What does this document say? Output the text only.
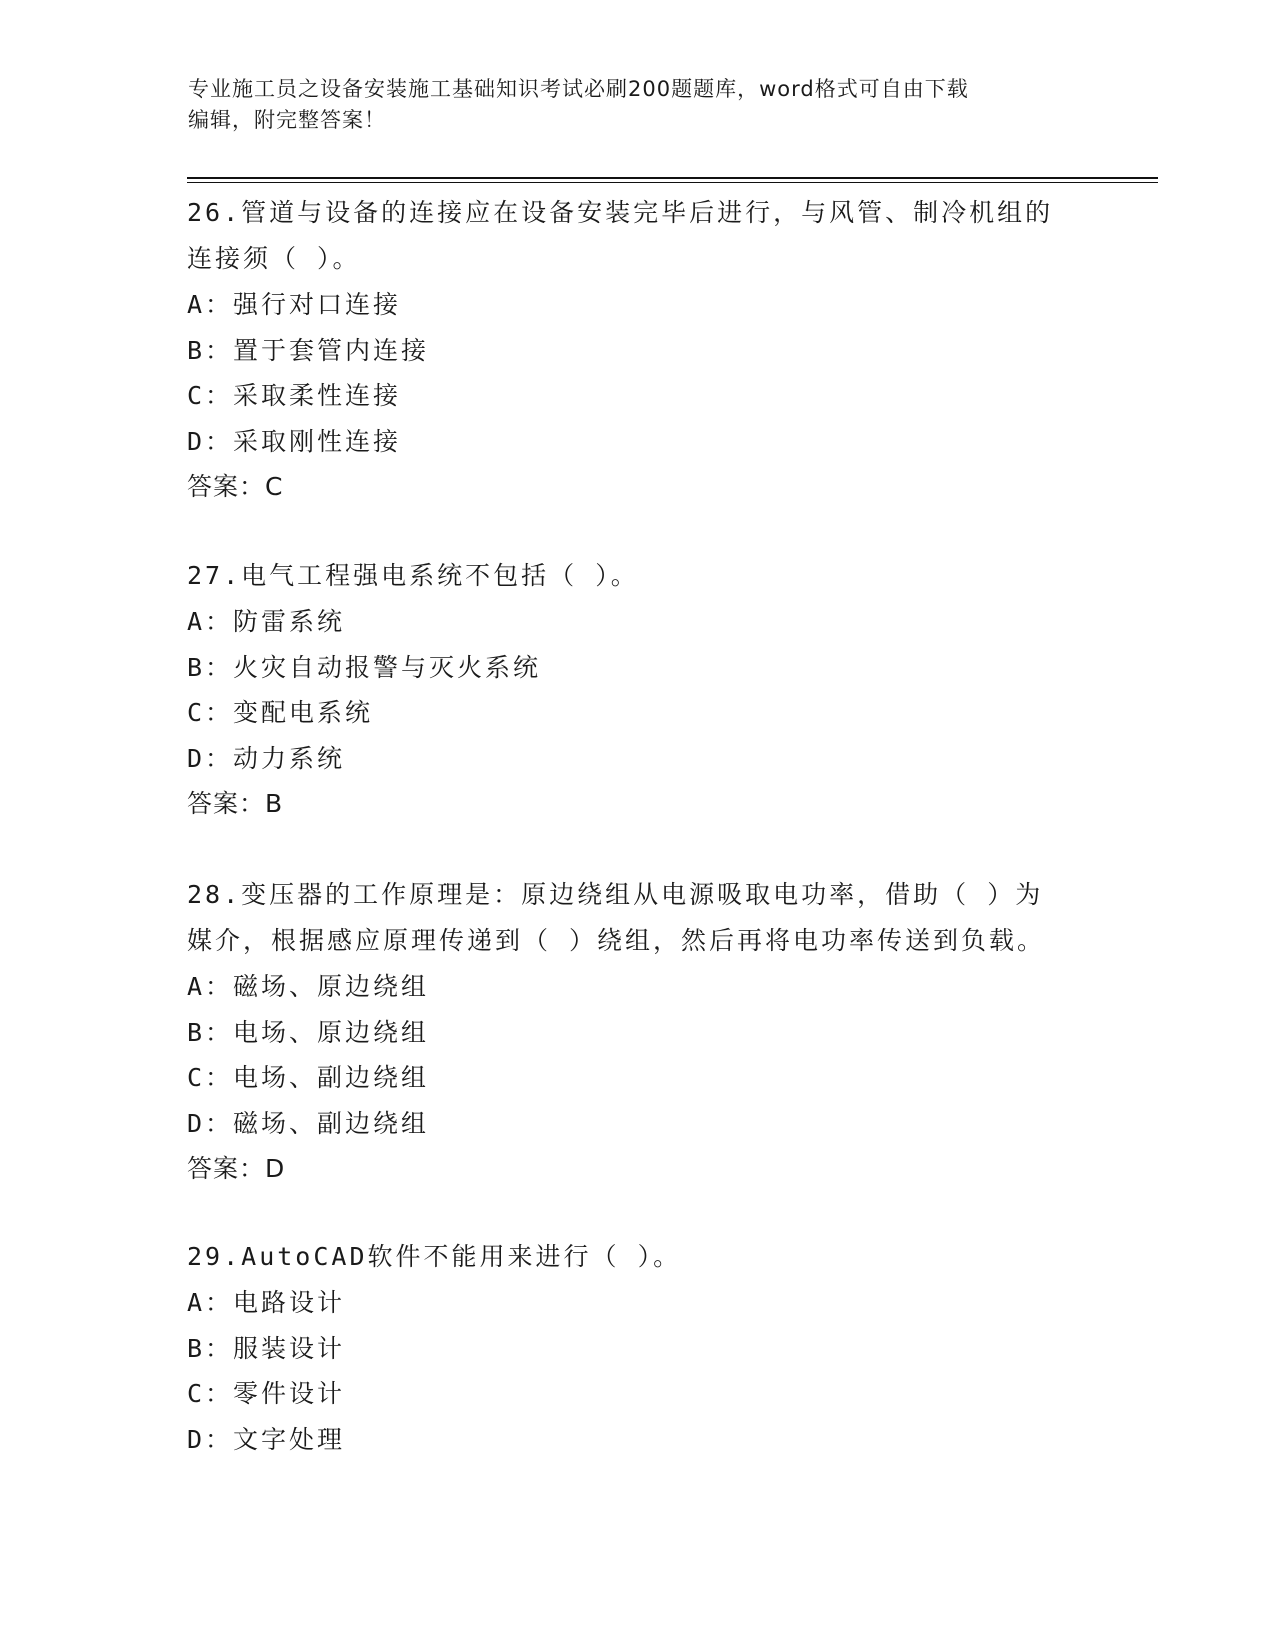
专业施工员之设备安装施工基础知识考试必刷200题题库，word格式可自由下载
编辑，附完整答案！
26.管道与设备的连接应在设备安装完毕后进行，与风管、制冷机组的
连接须（ ）。
A：强行对口连接
B：置于套管内连接
C：采取柔性连接
D：采取刚性连接
答案：C
27.电气工程强电系统不包括（ ）。
A：防雷系统
B：火灾自动报警与灭火系统
C：变配电系统
D：动力系统
答案：B
28.变压器的工作原理是：原边绕组从电源吸取电功率，借助（ ）为
媒介，根据感应原理传递到（ ）绕组，然后再将电功率传送到负载。
A：磁场、原边绕组
B：电场、原边绕组
C：电场、副边绕组
D：磁场、副边绕组
答案：D
29.AutoCAD软件不能用来进行（ ）。
A：电路设计
B：服装设计
C：零件设计
D：文字处理
